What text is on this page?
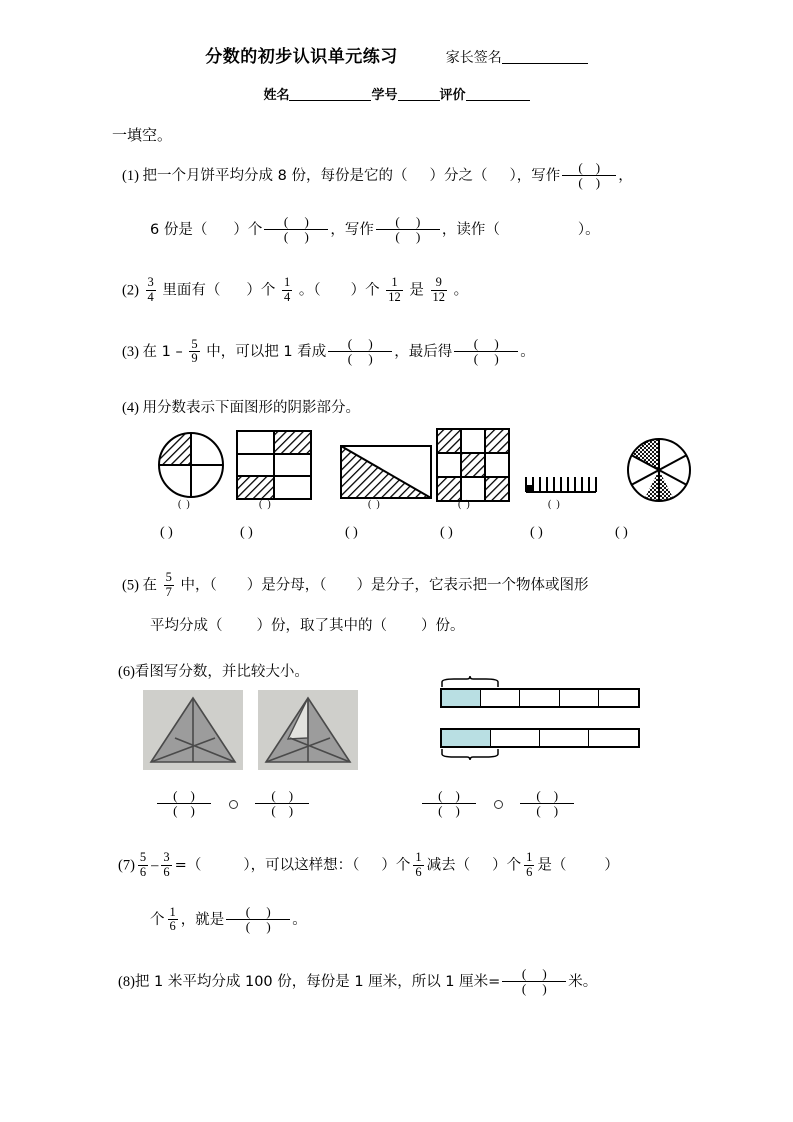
分数的初步认识单元练习	家长签名
姓名	学号	评价
一填空。
(1) 把一个月饼平均分成 8 份，每份是它的（ ）分之（ ），写作
(    )
(    )	，
6 份是（ ）个
(     )
(     )	，写作
(     )
(     )	，读作（	）。
$(2) \frac{3}{4}$ 里面有（ ）个 $\frac{1}{4}$ 。（ ）个 $\frac{1}{12}$ 是 $\frac{9}{12}$ 。
(3) 在 $1 - \frac{5}{9}$ 中，可以把 1 看成
(     )
(     )	，最后得
(     )
(     )	。
(4) 用分数表示下面图形的阴影部分。
(  )	(  )	(  )	(  )	(  )
( )	( )	( )	( )	( )	( )
(5) 在 $\frac{5}{7}$ 中，（ ）是分母，（ ）是分子，它表示把一个物体或图形
平均分成（ ）份，取了其中的（ ）份。
(6)看图写分数，并比较大小。
(    )
(    )

(    )
(    )
(    )
(    )

(    )
(    )
$(7) \frac{5}{6} - \frac{3}{6}$ =（	），可以这样想：（ ）个 $\frac{1}{6}$ 减去（ ）个 $\frac{1}{6}$ 是（	）
个 $\frac{1}{6}$ ，就是
(     )
(     )	。
(8)把 1 米平均分成 100 份，每份是 1 厘米，所以 1 厘米=
(     )
(     )	米。
